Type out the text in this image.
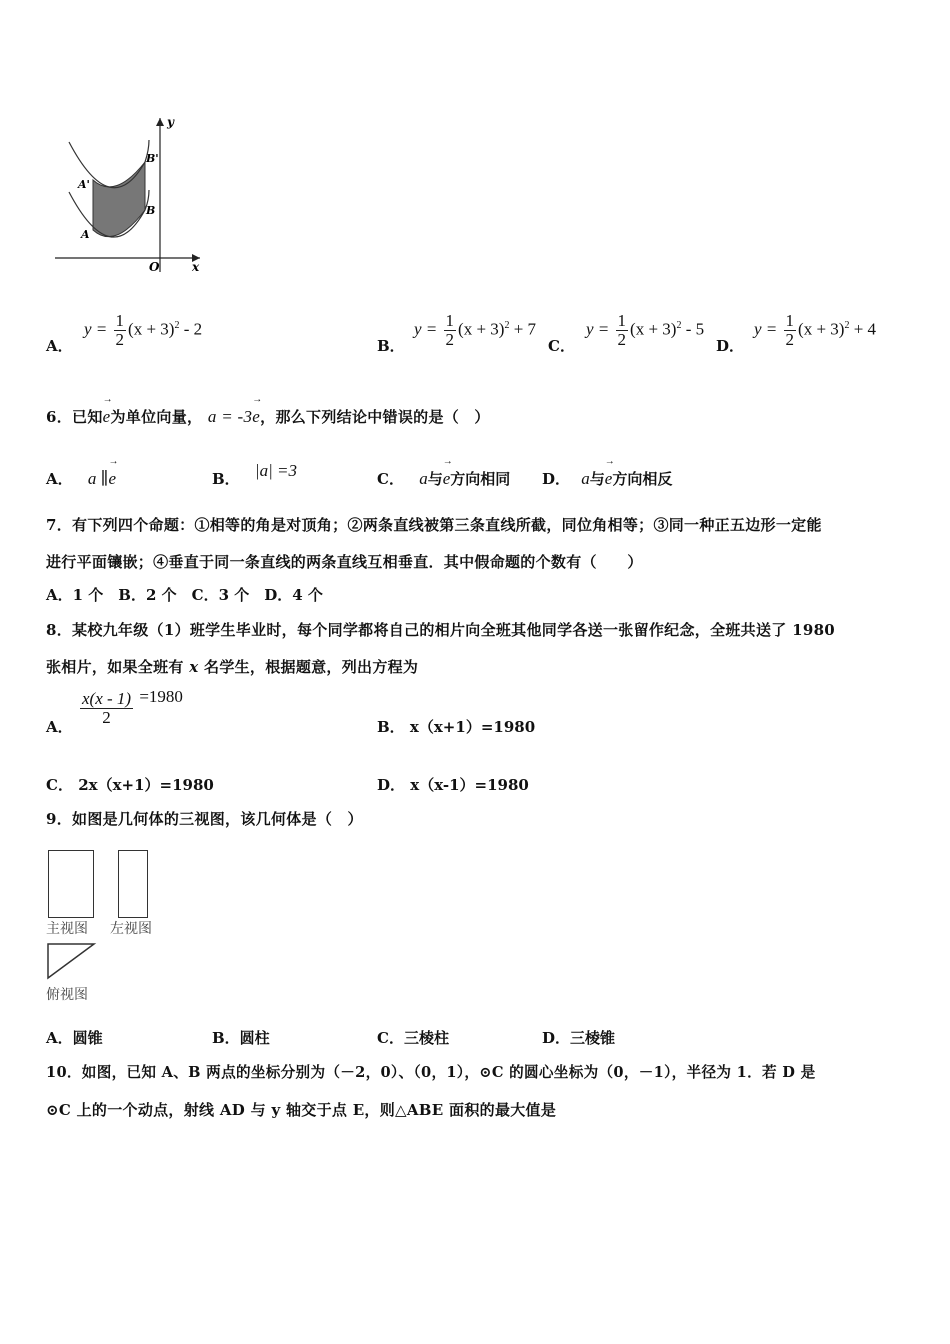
y
x
O
A'
A
B'
B
A．
$y = \frac{1}{2} (x + 3)^2 - 2$
B．
$y = \frac{1}{2} (x + 3)^2 + 7$
C．
$y = \frac{1}{2} (x + 3)^2 - 5$
D．
$y = \frac{1}{2} (x + 3)^2 + 4$
6．已知→ e为单位向量， a = -3→ e，那么下列结论中错误的是（　）
A． a ∥→ e	B． |a| =3	C． a与→ e方向相同 D． a与→ e方向相反
7．有下列四个命题：①相等的角是对顶角；②两条直线被第三条直线所截，同位角相等；③同一种正五边形一定能
进行平面镶嵌；④垂直于同一条直线的两条直线互相垂直．其中假命题的个数有（　　）
A．1 个　B．2 个　C．3 个　D．4 个
8．某校九年级（1）班学生毕业时，每个同学都将自己的相片向全班其他同学各送一张留作纪念，全班共送了 1980
张相片，如果全班有 x 名学生，根据题意，列出方程为
A． $\frac{x(x - 1)}{2} =1980$
B． x（x+1）=1980
C． 2x（x+1）=1980	D． x（x-1）=1980
9．如图是几何体的三视图，该几何体是（　）
主视图 左视图
俯视图
A．圆锥	B．圆柱	C．三棱柱	D．三棱锥
10．如图，已知 A、B 两点的坐标分别为（－2，0）、（0，1），⊙C 的圆心坐标为（0，－1），半径为 1．若 D 是
⊙C 上的一个动点，射线 AD 与 y 轴交于点 E，则△ABE 面积的最大值是
